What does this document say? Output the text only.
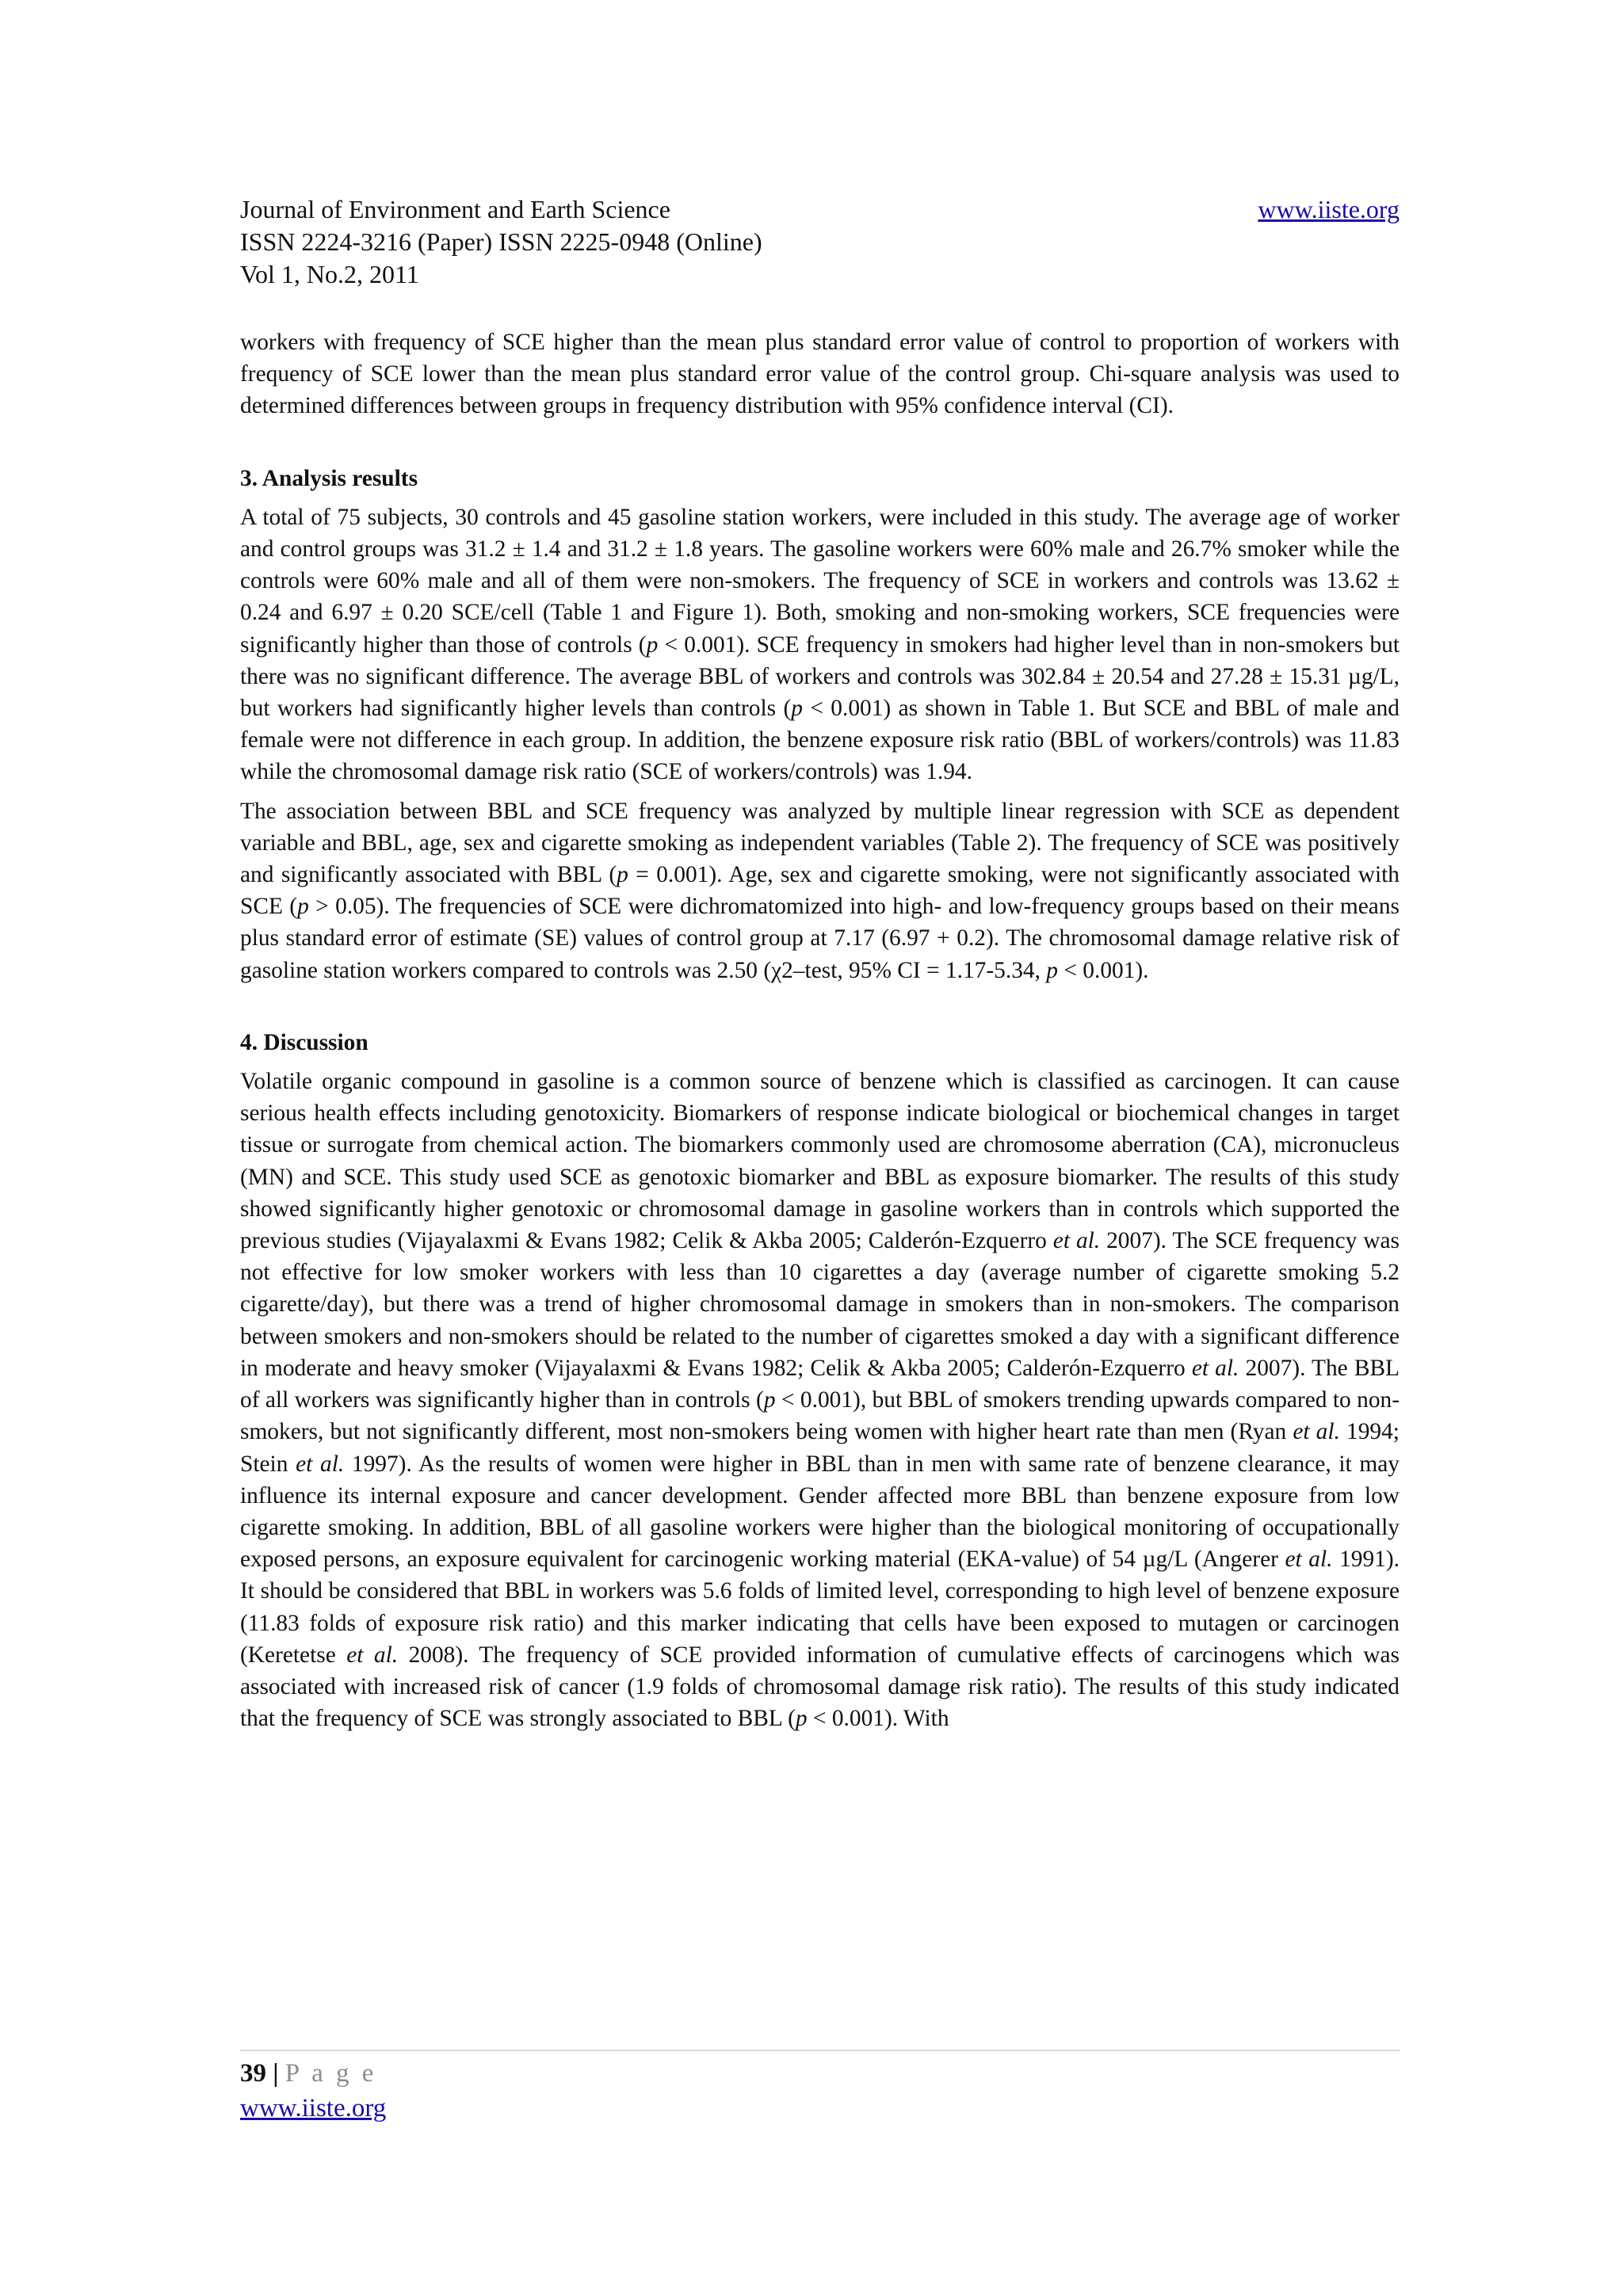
Journal of Environment and Earth Science
ISSN 2224-3216 (Paper) ISSN 2225-0948 (Online)
Vol 1, No.2, 2011
www.iiste.org

workers with frequency of SCE higher than the mean plus standard error value of control to proportion of workers with frequency of SCE lower than the mean plus standard error value of the control group. Chi-square analysis was used to determined differences between groups in frequency distribution with 95% confidence interval (CI).

3. Analysis results

A total of 75 subjects, 30 controls and 45 gasoline station workers, were included in this study. The average age of worker and control groups was 31.2 ± 1.4 and 31.2 ± 1.8 years. The gasoline workers were 60% male and 26.7% smoker while the controls were 60% male and all of them were non-smokers. The frequency of SCE in workers and controls was 13.62 ± 0.24 and 6.97 ± 0.20 SCE/cell (Table 1 and Figure 1). Both, smoking and non-smoking workers, SCE frequencies were significantly higher than those of controls (p < 0.001). SCE frequency in smokers had higher level than in non-smokers but there was no significant difference. The average BBL of workers and controls was 302.84 ± 20.54 and 27.28 ± 15.31 µg/L, but workers had significantly higher levels than controls (p < 0.001) as shown in Table 1. But SCE and BBL of male and female were not difference in each group. In addition, the benzene exposure risk ratio (BBL of workers/controls) was 11.83 while the chromosomal damage risk ratio (SCE of workers/controls) was 1.94.

The association between BBL and SCE frequency was analyzed by multiple linear regression with SCE as dependent variable and BBL, age, sex and cigarette smoking as independent variables (Table 2). The frequency of SCE was positively and significantly associated with BBL (p = 0.001). Age, sex and cigarette smoking, were not significantly associated with SCE (p > 0.05). The frequencies of SCE were dichromatomized into high- and low-frequency groups based on their means plus standard error of estimate (SE) values of control group at 7.17 (6.97 + 0.2). The chromosomal damage relative risk of gasoline station workers compared to controls was 2.50 (χ2–test, 95% CI = 1.17-5.34, p < 0.001).

4. Discussion

Volatile organic compound in gasoline is a common source of benzene which is classified as carcinogen. It can cause serious health effects including genotoxicity. Biomarkers of response indicate biological or biochemical changes in target tissue or surrogate from chemical action. The biomarkers commonly used are chromosome aberration (CA), micronucleus (MN) and SCE. This study used SCE as genotoxic biomarker and BBL as exposure biomarker. The results of this study showed significantly higher genotoxic or chromosomal damage in gasoline workers than in controls which supported the previous studies (Vijayalaxmi & Evans 1982; Celik & Akba 2005; Calderón-Ezquerro et al. 2007). The SCE frequency was not effective for low smoker workers with less than 10 cigarettes a day (average number of cigarette smoking 5.2 cigarette/day), but there was a trend of higher chromosomal damage in smokers than in non-smokers. The comparison between smokers and non-smokers should be related to the number of cigarettes smoked a day with a significant difference in moderate and heavy smoker (Vijayalaxmi & Evans 1982; Celik & Akba 2005; Calderón-Ezquerro et al. 2007). The BBL of all workers was significantly higher than in controls (p < 0.001), but BBL of smokers trending upwards compared to non-smokers, but not significantly different, most non-smokers being women with higher heart rate than men (Ryan et al. 1994; Stein et al. 1997). As the results of women were higher in BBL than in men with same rate of benzene clearance, it may influence its internal exposure and cancer development. Gender affected more BBL than benzene exposure from low cigarette smoking. In addition, BBL of all gasoline workers were higher than the biological monitoring of occupationally exposed persons, an exposure equivalent for carcinogenic working material (EKA-value) of 54 µg/L (Angerer et al. 1991). It should be considered that BBL in workers was 5.6 folds of limited level, corresponding to high level of benzene exposure (11.83 folds of exposure risk ratio) and this marker indicating that cells have been exposed to mutagen or carcinogen (Keretetse et al. 2008). The frequency of SCE provided information of cumulative effects of carcinogens which was associated with increased risk of cancer (1.9 folds of chromosomal damage risk ratio). The results of this study indicated that the frequency of SCE was strongly associated to BBL (p < 0.001). With

39 | P a g e
www.iiste.org
